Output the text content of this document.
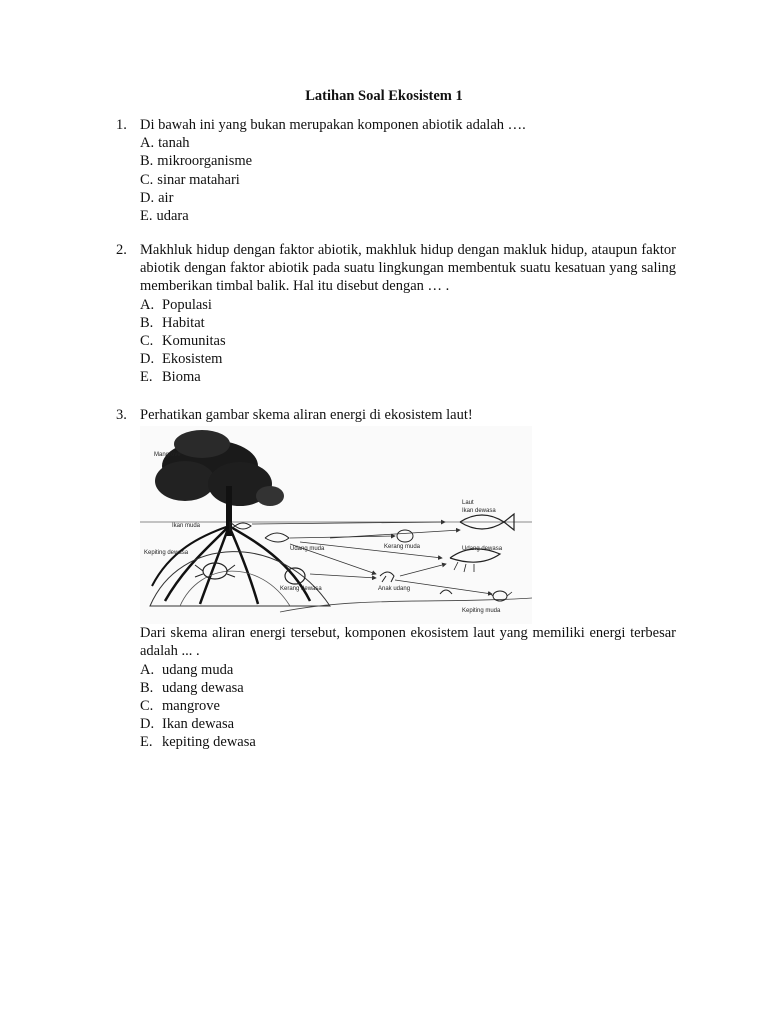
Latihan Soal Ekosistem 1
1. Di bawah ini yang bukan merupakan komponen abiotik adalah ….
A. tanah
B. mikroorganisme
C. sinar matahari
D. air
E. udara
2. Makhluk hidup dengan faktor abiotik, makhluk hidup dengan makluk hidup, ataupun faktor abiotik dengan faktor abiotik pada suatu lingkungan membentuk suatu kesatuan yang saling memberikan timbal balik. Hal itu disebut dengan … .
A. Populasi
B. Habitat
C. Komunitas
D. Ekosistem
E. Bioma
3. Perhatikan gambar skema aliran energi di ekosistem laut!
Mangrove
Ikan muda
Kepiting dewasa
Udang muda	Kerang muda
Kerang dewasa	Anak udang
Laut
Ikan dewasa
Udang dewasa
Kepiting muda
Dari skema aliran energi tersebut, komponen ekosistem laut yang memiliki energi terbesar adalah ... .
A. udang muda
B. udang dewasa
C. mangrove
D. Ikan dewasa
E. kepiting dewasa
